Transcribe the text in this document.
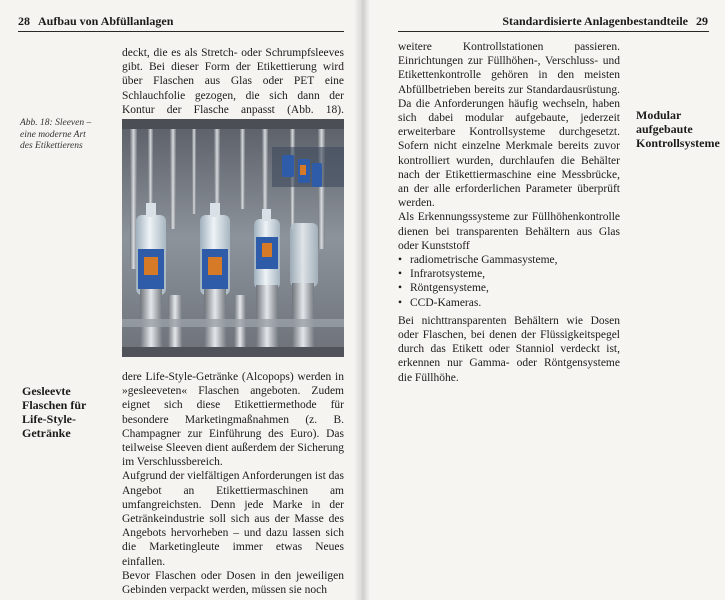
28 Aufbau von Abfüllanlagen

deckt, die es als Stretch- oder Schrumpfsleeves gibt. Bei dieser Form der Etikettierung wird über Flaschen aus Glas oder PET eine Schlauchfolie gezogen, die sich dann der Kontur der Flasche anpasst (Abb. 18).

Abb. 18: Sleeven – eine moderne Art des Etikettierens
Gesleevte Flaschen für Life-Style-Getränke

dere Life-Style-Getränke (Alcopops) werden in »gesleeveten« Flaschen angeboten. Zudem eignet sich diese Etikettiermethode für besondere Marketingmaßnahmen (z. B. Champagner zur Einführung des Euro). Das teilweise Sleeven dient außerdem der Sicherung im Verschlussbereich.

Aufgrund der vielfältigen Anforderungen ist das Angebot an Etikettiermaschinen am umfangreichsten. Denn jede Marke in der Getränkeindustrie soll sich aus der Masse des Angebots hervorheben – und dazu lassen sich die Marketingleute immer etwas Neues einfallen.

Bevor Flaschen oder Dosen in den jeweiligen Gebinden verpackt werden, müssen sie noch

Standardisierte Anlagenbestandteile 29

weitere Kontrollstationen passieren. Einrichtungen zur Füllhöhen-, Verschluss- und Etikettenkontrolle gehören in den meisten Abfüllbetrieben bereits zur Standardausrüstung. Da die Anforderungen häufig wechseln, haben sich dabei modular aufgebaute, jederzeit erweiterbare Kontrollsysteme durchgesetzt. Sofern nicht einzelne Merkmale bereits zuvor kontrolliert wurden, durchlaufen die Behälter nach der Etikettiermaschine eine Messbrücke, an der alle erforderlichen Parameter überprüft werden.

Als Erkennungssysteme zur Füllhöhenkontrolle dienen bei transparenten Behältern aus Glas oder Kunststoff

• radiometrische Gammasysteme,
• Infrarotsysteme,
• Röntgensysteme,
• CCD-Kameras.

Bei nichttransparenten Behältern wie Dosen oder Flaschen, bei denen der Flüssigkeitspegel durch das Etikett oder Stanniol verdeckt ist, erkennen nur Gamma- oder Röntgensysteme die Füllhöhe.

Modular aufgebaute Kontrollsysteme
